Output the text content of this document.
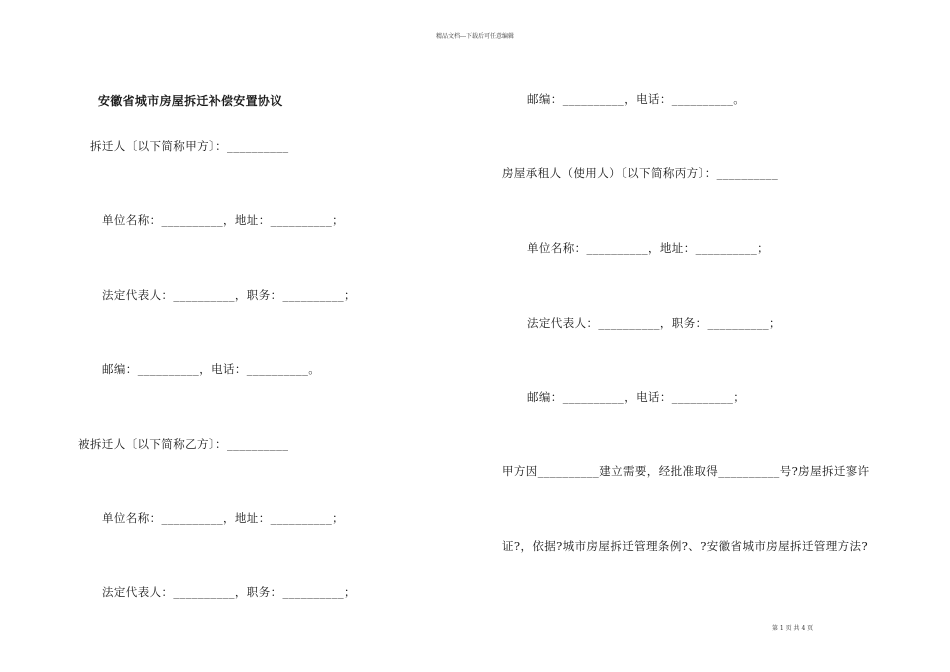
精品文档---下载后可任意编辑
安徽省城市房屋拆迁补偿安置协议
拆迁人〔以下简称甲方〕：__________
单位名称：__________，地址：__________；
法定代表人：__________，职务：__________；
邮编：__________，电话：__________。
被拆迁人〔以下简称乙方〕：__________
单位名称：__________，地址：__________；
法定代表人：__________，职务：__________；
邮编：__________，电话：__________。
房屋承租人（使用人）〔以下简称丙方〕：__________
单位名称：__________，地址：__________；
法定代表人：__________，职务：__________；
邮编：__________，电话：__________；
甲方因__________建立需要，经批准取得__________号?房屋拆迁寥许
证?，依据?城市房屋拆迁管理条例?、?安徽省城市房屋拆迁管理方法?
第 1 页 共 4 页
